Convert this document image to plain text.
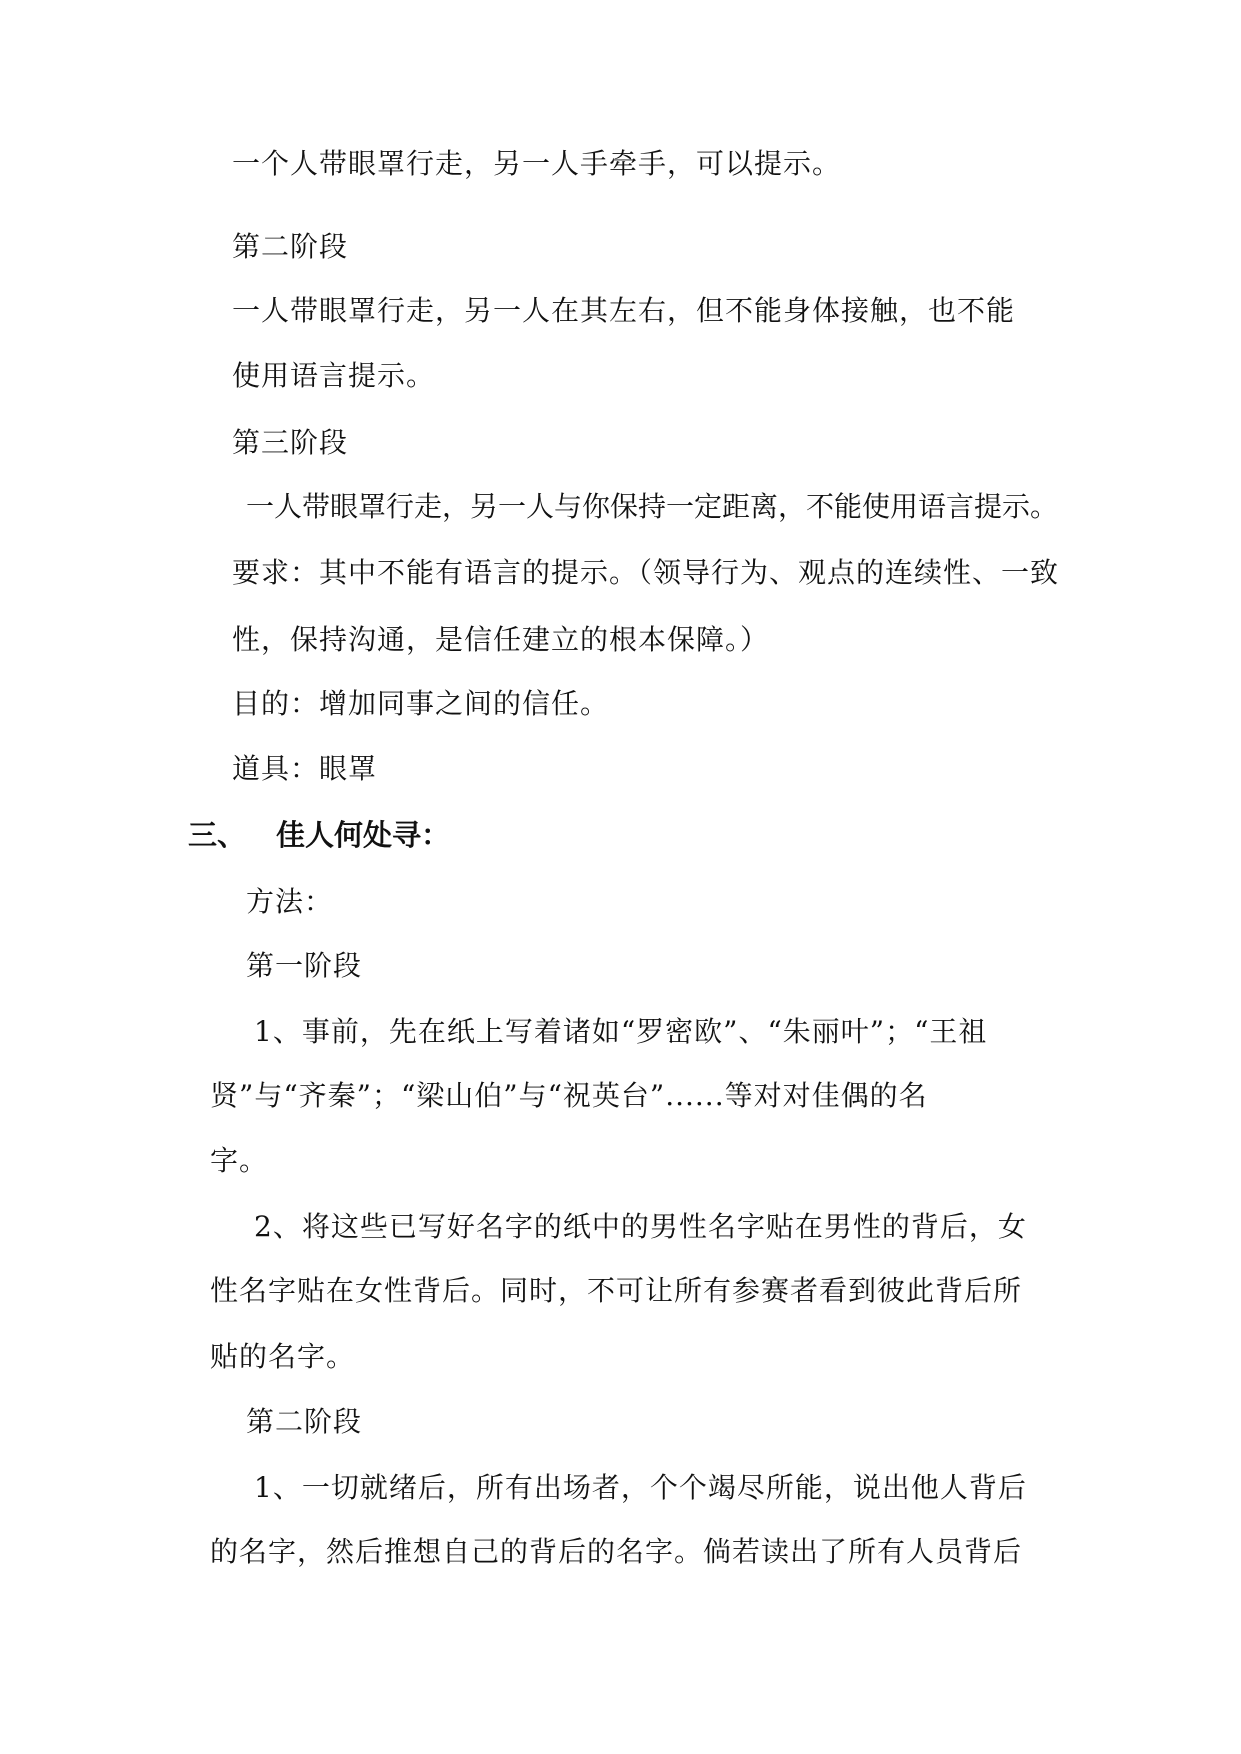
一个人带眼罩行走，另一人手牵手，可以提示。
第二阶段
一人带眼罩行走，另一人在其左右，但不能身体接触，也不能
使用语言提示。
第三阶段
一人带眼罩行走，另一人与你保持一定距离，不能使用语言提示。
要求：其中不能有语言的提示。（领导行为、观点的连续性、一致
性，保持沟通，是信任建立的根本保障。）
目的：增加同事之间的信任。
道具：眼罩
三、 佳人何处寻：
方法：
第一阶段
1、事前，先在纸上写着诸如“罗密欧”、“朱丽叶”；“王祖
贤”与“齐秦”；“梁山伯”与“祝英台”......等对对佳偶的名
字。
2、将这些已写好名字的纸中的男性名字贴在男性的背后，女
性名字贴在女性背后。同时，不可让所有参赛者看到彼此背后所
贴的名字。
第二阶段
1、一切就绪后，所有出场者，个个竭尽所能，说出他人背后
的名字，然后推想自己的背后的名字。倘若读出了所有人员背后
